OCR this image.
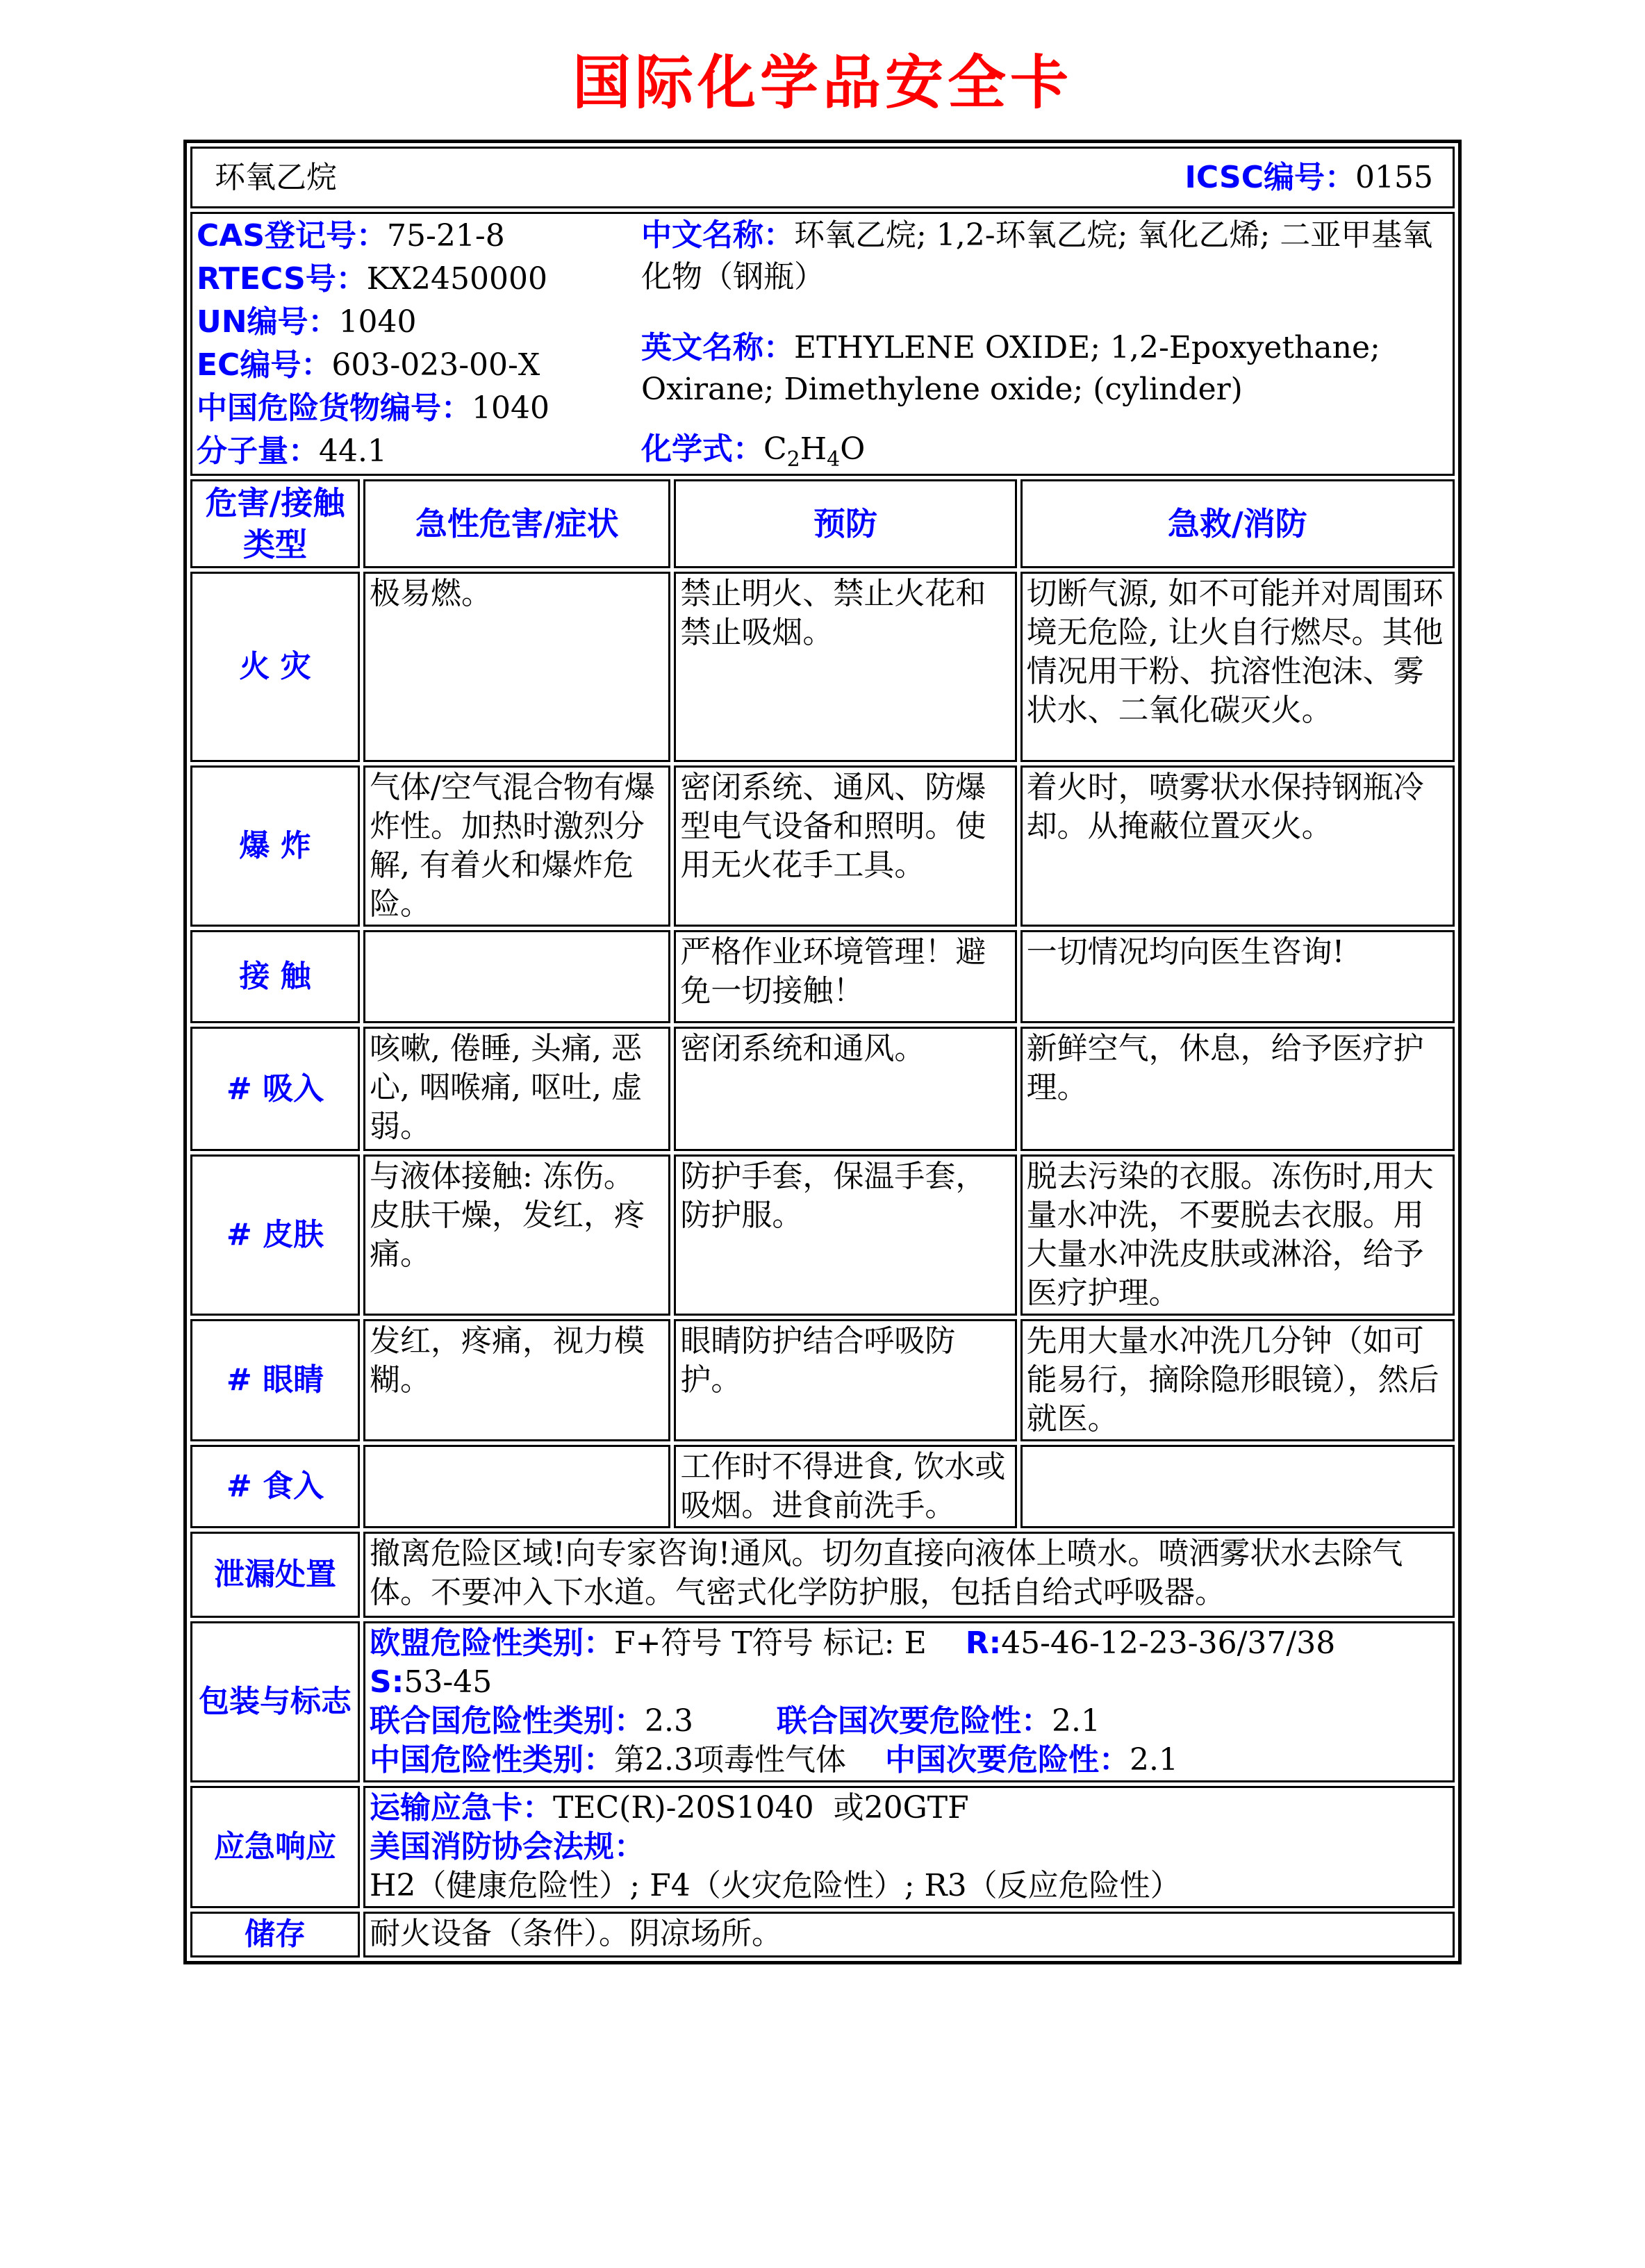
国际化学品安全卡
环氧乙烷 ICSC编号：0155			

CAS登记号：75-21-8
RTECS号：KX2450000
UN编号：1040
EC编号：603-023-00-X
中国危险货物编号：1040
分子量：44.1
中文名称：环氧乙烷; 1,2-环氧乙烷; 氧化乙烯; 二亚甲基氧化物（钢瓶）
英文名称：ETHYLENE OXIDE; 1,2-Epoxyethane; Oxirane; Dimethylene oxide; (cylinder)
化学式：$C_2H_4O$

危害/接触类型	急性危害/症状	预防	急救/消防
火 灾	极易燃。	禁止明火、禁止火花和禁止吸烟。	切断气源, 如不可能并对周围环境无危险, 让火自行燃尽。其他情况用干粉、抗溶性泡沫、雾状水、二氧化碳灭火。
爆 炸	气体/空气混合物有爆炸性。加热时激烈分解, 有着火和爆炸危险。	密闭系统、通风、防爆型电气设备和照明。使用无火花手工具。	着火时，喷雾状水保持钢瓶冷却。从掩蔽位置灭火。
接 触		严格作业环境管理！避免一切接触！	一切情况均向医生咨询!
# 吸入	咳嗽, 倦睡, 头痛, 恶心, 咽喉痛, 呕吐, 虚弱。	密闭系统和通风。	新鲜空气，休息，给予医疗护理。
# 皮肤	与液体接触: 冻伤。皮肤干燥，发红，疼痛。	防护手套，保温手套，防护服。	脱去污染的衣服。冻伤时,用大量水冲洗，不要脱去衣服。用大量水冲洗皮肤或淋浴，给予医疗护理。
# 眼睛	发红，疼痛，视力模糊。	眼睛防护结合呼吸防护。	先用大量水冲洗几分钟（如可能易行，摘除隐形眼镜），然后就医。
# 食入		工作时不得进食, 饮水或吸烟。进食前洗手。	
泄漏处置	撤离危险区域!向专家咨询!通风。切勿直接向液体上喷水。喷洒雾状水去除气体。不要冲入下水道。气密式化学防护服，包括自给式呼吸器。		

包装与标志	欧盟危险性类别：F+符号 T符号 标记: E R:45-46-12-23-36/37/38
S:53-45
联合国危险性类别：2.3 联合国次要危险性：2.1
中国危险性类别：第2.3项毒性气体 中国次要危险性：2.1		

应急响应	运输应急卡：TEC(R)-20S1040  或20GTF
美国消防协会法规：H2（健康危险性）; F4（火灾危险性）; R3（反应危险性）		

储存	耐火设备（条件）。阴凉场所。		
